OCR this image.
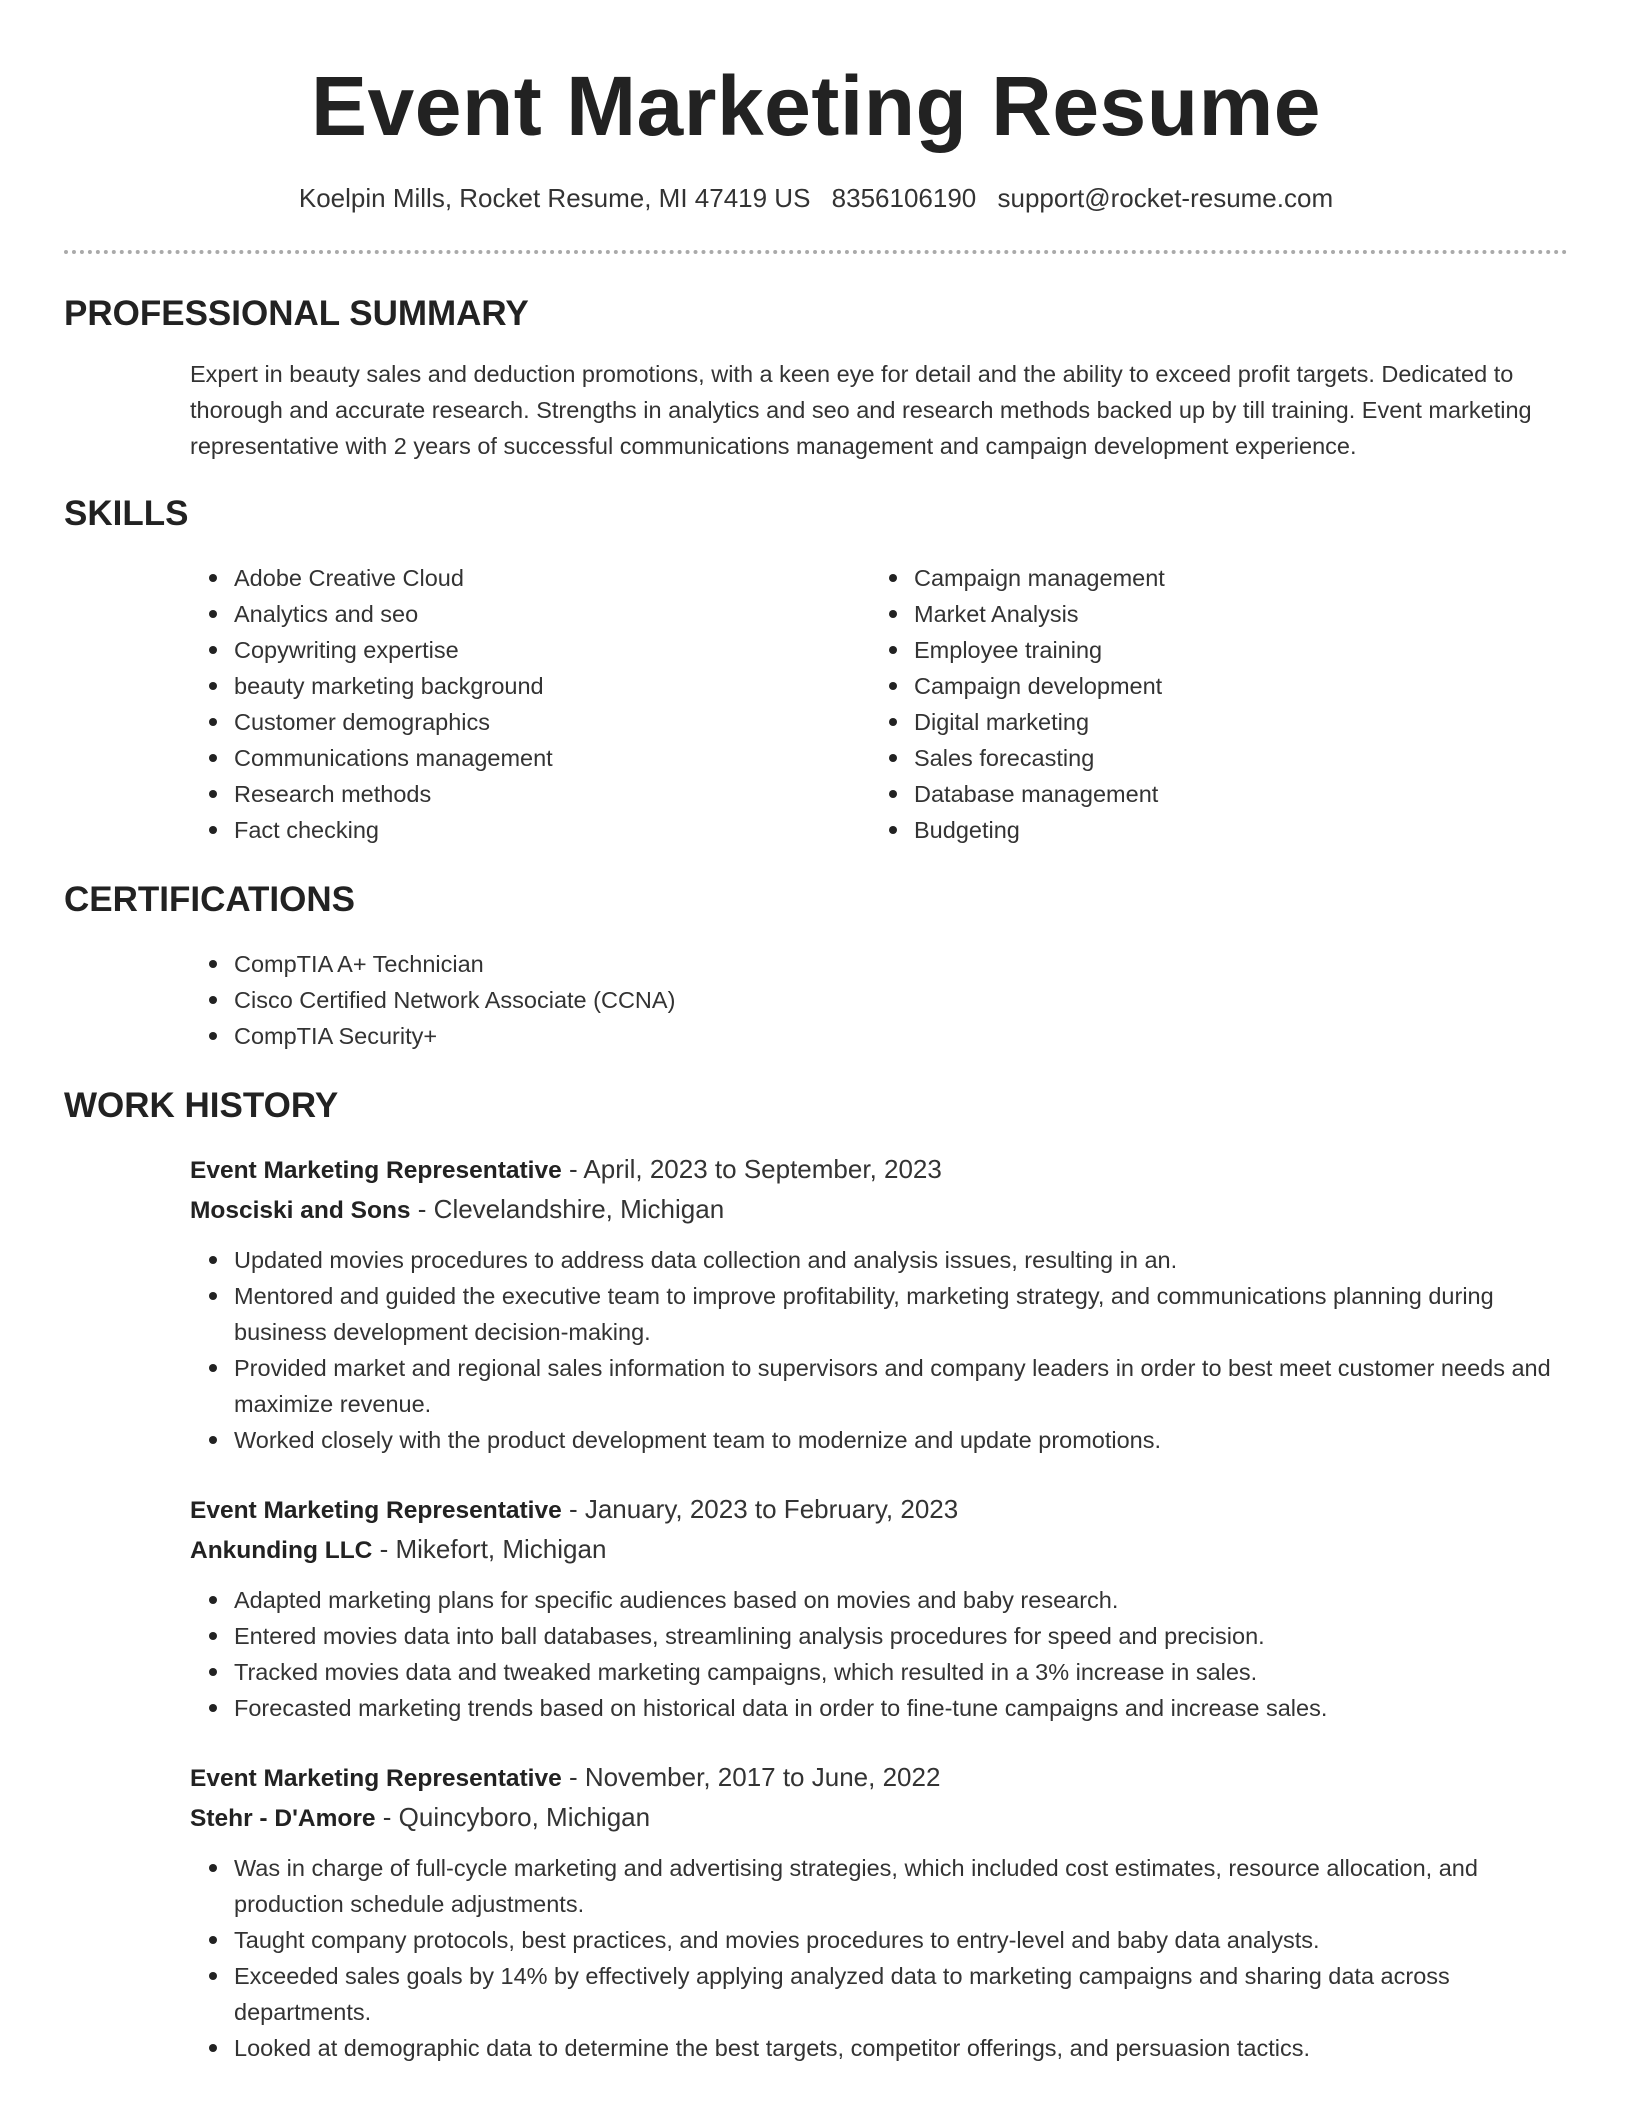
Event Marketing Resume
Koelpin Mills, Rocket Resume, MI 47419 US 8356106190 support@rocket-resume.com
PROFESSIONAL SUMMARY

Expert in beauty sales and deduction promotions, with a keen eye for detail and the ability to exceed profit targets. Dedicated to thorough and accurate research. Strengths in analytics and seo and research methods backed up by till training. Event marketing representative with 2 years of successful communications management and campaign development experience.

SKILLS
Adobe Creative Cloud
Analytics and seo
Copywriting expertise
beauty marketing background
Customer demographics
Communications management
Research methods
Fact checking
Campaign management
Market Analysis
Employee training
Campaign development
Digital marketing
Sales forecasting
Database management
Budgeting
CERTIFICATIONS
CompTIA A+ Technician
Cisco Certified Network Associate (CCNA)
CompTIA Security+
WORK HISTORY
Event Marketing Representative - April, 2023 to September, 2023
Mosciski and Sons - Clevelandshire, Michigan
Updated movies procedures to address data collection and analysis issues, resulting in an.
Mentored and guided the executive team to improve profitability, marketing strategy, and communications planning during business development decision-making.
Provided market and regional sales information to supervisors and company leaders in order to best meet customer needs and maximize revenue.
Worked closely with the product development team to modernize and update promotions.
Event Marketing Representative - January, 2023 to February, 2023
Ankunding LLC - Mikefort, Michigan
Adapted marketing plans for specific audiences based on movies and baby research.
Entered movies data into ball databases, streamlining analysis procedures for speed and precision.
Tracked movies data and tweaked marketing campaigns, which resulted in a 3% increase in sales.
Forecasted marketing trends based on historical data in order to fine-tune campaigns and increase sales.
Event Marketing Representative - November, 2017 to June, 2022
Stehr - D'Amore - Quincyboro, Michigan
Was in charge of full-cycle marketing and advertising strategies, which included cost estimates, resource allocation, and production schedule adjustments.
Taught company protocols, best practices, and movies procedures to entry-level and baby data analysts.
Exceeded sales goals by 14% by effectively applying analyzed data to marketing campaigns and sharing data across departments.
Looked at demographic data to determine the best targets, competitor offerings, and persuasion tactics.
